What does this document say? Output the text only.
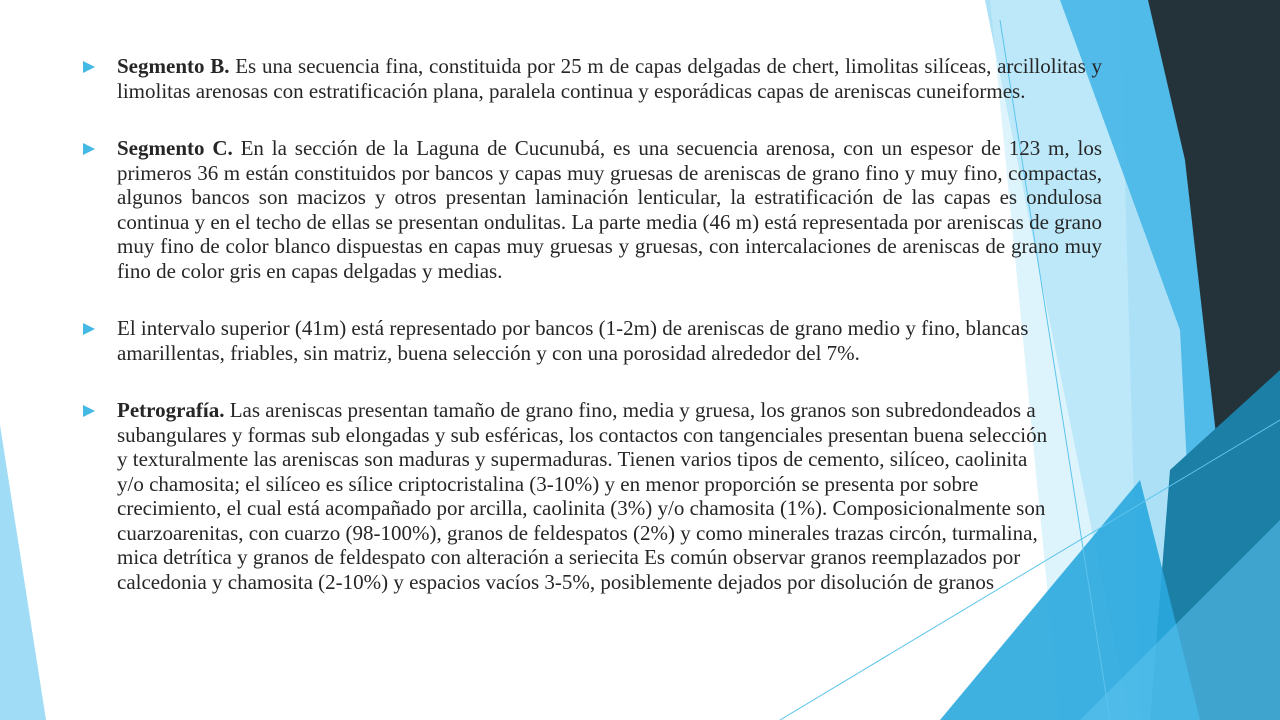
Segmento B. Es una secuencia fina, constituida por 25 m de capas delgadas de chert, limolitas silíceas, arcillolitas y limolitas arenosas con estratificación plana, paralela continua y esporádicas capas de areniscas cuneiformes.
Segmento C. En la sección de la Laguna de Cucunubá, es una secuencia arenosa, con un espesor de 123 m, los primeros 36 m están constituidos por bancos y capas muy gruesas de areniscas de grano fino y muy fino, compactas, algunos bancos son macizos y otros presentan laminación lenticular, la estratificación de las capas es ondulosa continua y en el techo de ellas se presentan ondulitas. La parte media (46 m) está representada por areniscas de grano muy fino de color blanco dispuestas en capas muy gruesas y gruesas, con intercalaciones de areniscas de grano muy fino de color gris en capas delgadas y medias.
El intervalo superior (41m) está representado por bancos (1-2m) de areniscas de grano medio y fino, blancas amarillentas, friables, sin matriz, buena selección y con una porosidad alrededor del 7%.
Petrografía. Las areniscas presentan tamaño de grano fino, media y gruesa, los granos son subredondeados a subangulares y formas sub elongadas y sub esféricas, los contactos con tangenciales presentan buena selección y texturalmente las areniscas son maduras y supermaduras. Tienen varios tipos de cemento, silíceo, caolinita y/o chamosita; el silíceo es sílice criptocristalina (3-10%) y en menor proporción se presenta por sobre crecimiento, el cual está acompañado por arcilla, caolinita (3%) y/o chamosita (1%). Composicionalmente son cuarzoarenitas, con cuarzo (98-100%), granos de feldespatos (2%) y como minerales trazas circón, turmalina, mica detrítica y granos de feldespato con alteración a seriecita Es común observar granos reemplazados por calcedonia y chamosita (2-10%) y espacios vacíos 3-5%, posiblemente dejados por disolución de granos
